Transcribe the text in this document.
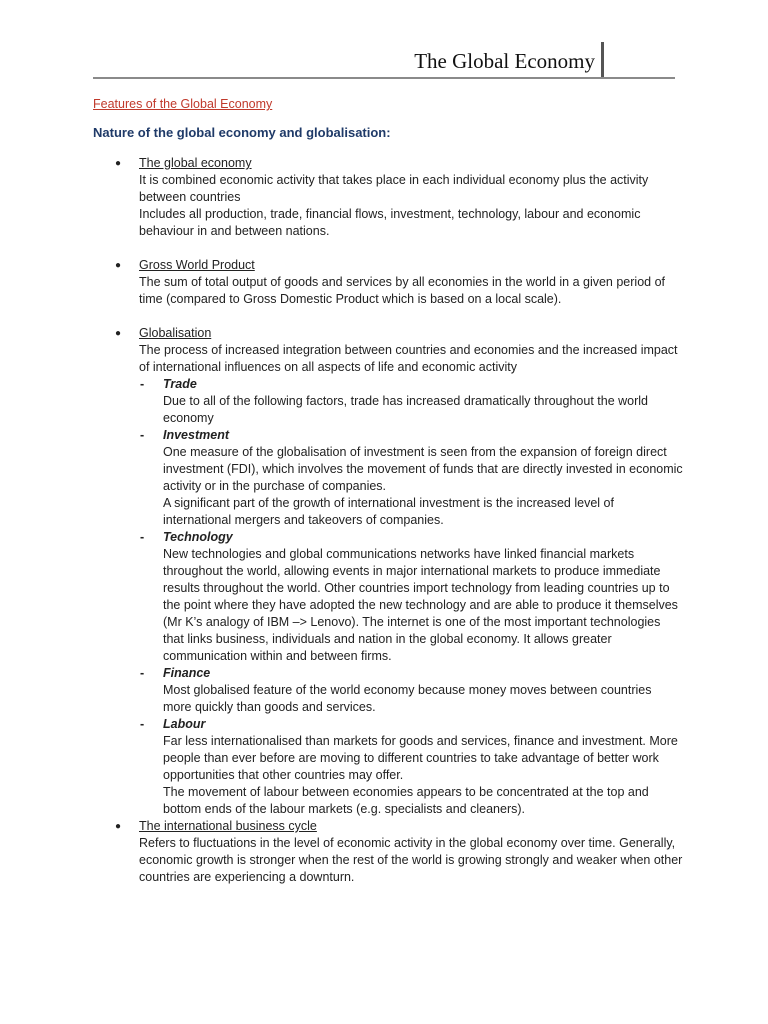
The Global Economy
Features of the Global Economy
Nature of the global economy and globalisation:
● The global economy
It is combined economic activity that takes place in each individual economy plus the activity between countries
Includes all production, trade, financial flows, investment, technology, labour and economic behaviour in and between nations.
● Gross World Product
The sum of total output of goods and services by all economies in the world in a given period of time (compared to Gross Domestic Product which is based on a local scale).
● Globalisation
The process of increased integration between countries and economies and the increased impact of international influences on all aspects of life and economic activity
- Trade
Due to all of the following factors, trade has increased dramatically throughout the world economy
- Investment
One measure of the globalisation of investment is seen from the expansion of foreign direct investment (FDI), which involves the movement of funds that are directly invested in economic activity or in the purchase of companies.
A significant part of the growth of international investment is the increased level of international mergers and takeovers of companies.
- Technology
New technologies and global communications networks have linked financial markets throughout the world, allowing events in major international markets to produce immediate results throughout the world. Other countries import technology from leading countries up to the point where they have adopted the new technology and are able to produce it themselves (Mr K’s analogy of IBM –> Lenovo). The internet is one of the most important technologies that links business, individuals and nation in the global economy. It allows greater communication within and between firms.
- Finance
Most globalised feature of the world economy because money moves between countries more quickly than goods and services.
- Labour
Far less internationalised than markets for goods and services, finance and investment. More people than ever before are moving to different countries to take advantage of better work opportunities that other countries may offer.
The movement of labour between economies appears to be concentrated at the top and bottom ends of the labour markets (e.g. specialists and cleaners).
● The international business cycle
Refers to fluctuations in the level of economic activity in the global economy over time. Generally, economic growth is stronger when the rest of the world is growing strongly and weaker when other countries are experiencing a downturn.
